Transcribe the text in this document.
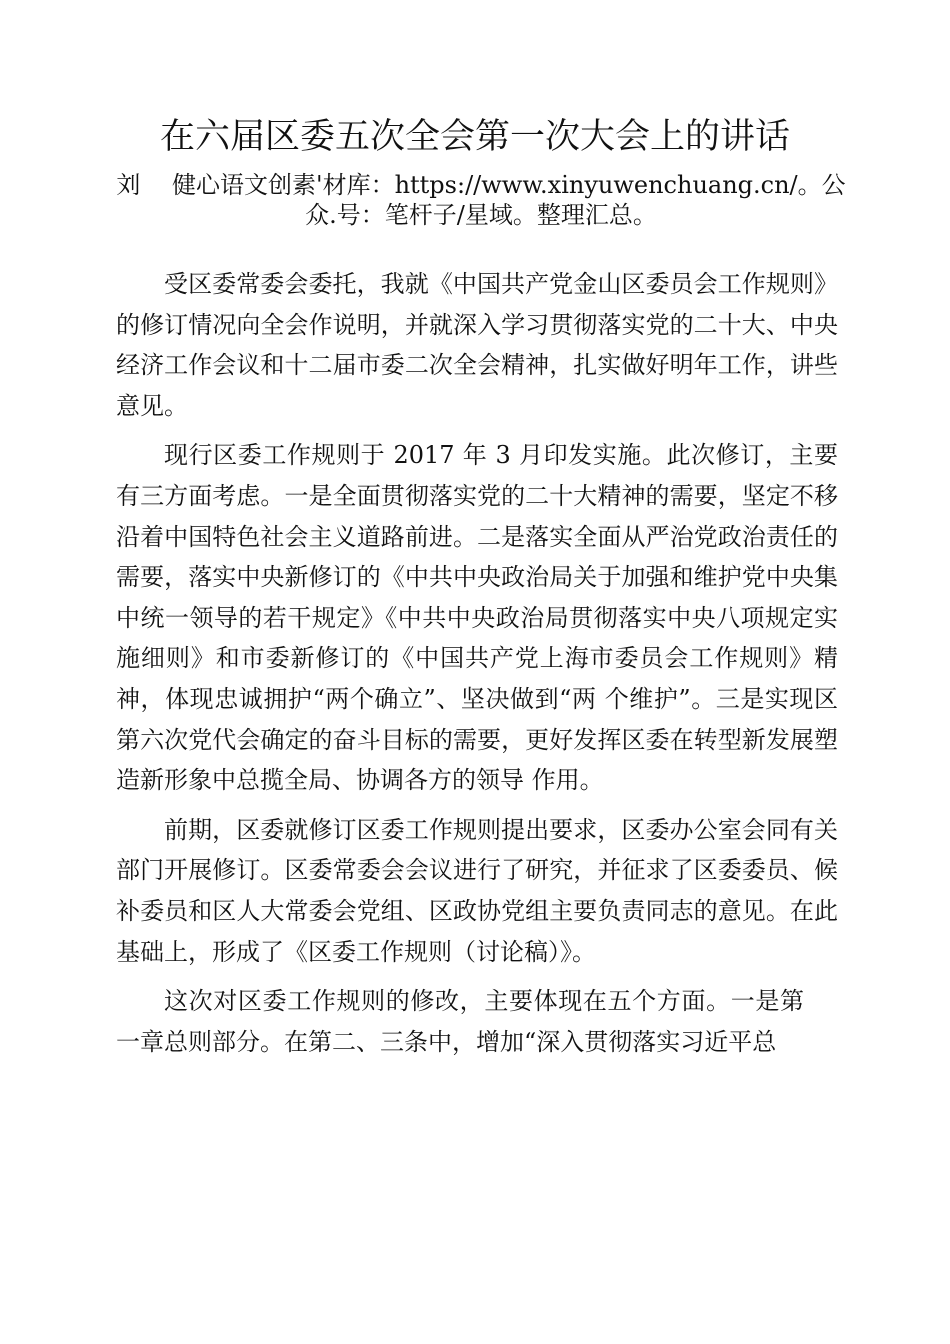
在六届区委五次全会第一次大会上的讲话
刘　 健心语文创素'材库：https://www.xinyuwenchuang.cn/。公众.号：笔杆子/星域。整理汇总。

受区委常委会委托，我就《中国共产党金山区委员会工作规则》的修订情况向全会作说明，并就深入学习贯彻落实党的二十大、中央经济工作会议和十二届市委二次全会精神，扎实做好明年工作，讲些意见。

现行区委工作规则于 2017 年 3 月印发实施。此次修订，主要有三方面考虑。一是全面贯彻落实党的二十大精神的需要，坚定不移沿着中国特色社会主义道路前进。二是落实全面从严治党政治责任的需要，落实中央新修订的《中共中央政治局关于加强和维护党中央集中统一领导的若干规定》《中共中央政治局贯彻落实中央八项规定实施细则》和市委新修订的《中国共产党上海市委员会工作规则》精神，体现忠诚拥护“两个确立”、坚决做到“两 个维护”。三是实现区第六次党代会确定的奋斗目标的需要，更好发挥区委在转型新发展塑造新形象中总揽全局、协调各方的领导 作用。

前期，区委就修订区委工作规则提出要求，区委办公室会同有关部门开展修订。区委常委会会议进行了研究，并征求了区委委员、候补委员和区人大常委会党组、区政协党组主要负责同志的意见。在此基础上，形成了《区委工作规则（讨论稿）》。

这次对区委工作规则的修改，主要体现在五个方面。一是第一章总则部分。在第二、三条中，增加“深入贯彻落实习近平总
